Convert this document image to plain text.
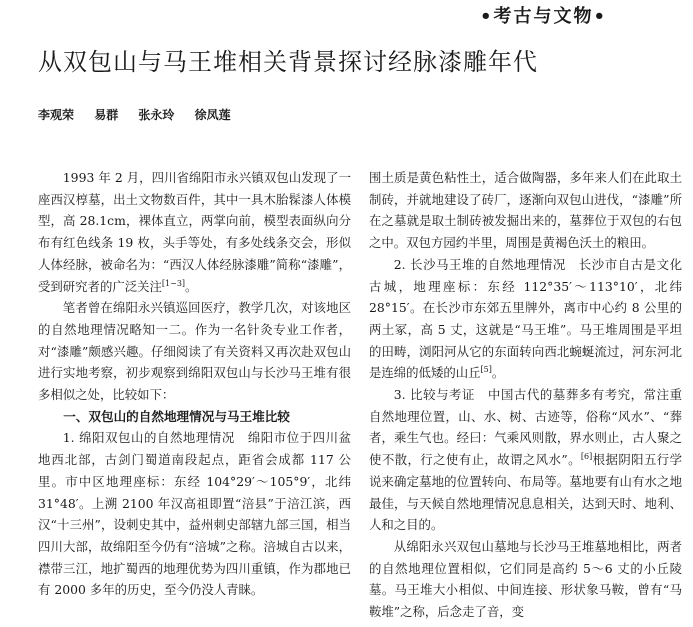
•考古与文物•
从双包山与马王堆相关背景探讨经脉漆雕年代
李观荣 易群 张永玲 徐凤莲

1993 年 2 月，四川省绵阳市永兴镇双包山发现了一座西汉椁墓，出土文物数百件，其中一具木胎髹漆人体模型，高 28.1cm，裸体直立，两掌向前，模型表面纵向分布有红色线条 19 枚，头手等处，有多处线条交会，形似人体经脉，被命名为：“西汉人体经脉漆雕”简称“漆雕”，受到研究者的广泛关注[1~3]。

笔者曾在绵阳永兴镇巡回医疗，教学几次，对该地区的自然地理情况略知一二。作为一名针灸专业工作者，对“漆雕”颇感兴趣。仔细阅读了有关资料又再次赴双包山进行实地考察，初步观察到绵阳双包山与长沙马王堆有很多相似之处，比较如下：

一、双包山的自然地理情况与马王堆比较

1. 绵阳双包山的自然地理情况　 绵阳市位于四川盆地西北部，古剑门蜀道南段起点，距省会成都 117 公里。市中区地理座标：东经 104°29′～105°9′，北纬 31°48′。上溯 2100 年汉高祖即置“涪县”于涪江滨，西汉“十三州”，设刺史其中，益州刺史部辖九部三国，相当四川大部，故绵阳至今仍有“涪城”之称。涪城自古以来，襟带三江，地扩蜀西的地理优势为四川重镇，作为郡地已有 2000 多年的历史，至今仍没人青睐。

围土质是黄色粘性土，适合做陶器，多年来人们在此取土制砖，并就地建设了砖厂，逐渐向双包山进伐，“漆雕”所在之墓就是取土制砖被发掘出来的，墓葬位于双包的右包之中。双包方园约半里，周围是黄褐色沃土的粮田。

2. 长沙马王堆的自然地理情况　长沙市自古是文化古城，地理座标：东经 112°35′～113°10′，北纬 28°15′。在长沙市东郊五里牌外，离市中心约 8 公里的两土冢，高 5 丈，这就是“马王堆”。马王堆周围是平坦的田畴，浏阳河从它的东面转向西北蜿蜒流过，河东河北是连绵的低矮的山丘[5]。

3. 比较与考证　中国古代的墓葬多有考究，常注重自然地理位置，山、水、树、古迹等，俗称“风水”、“葬者，乘生气也。经曰：气乘风则散，界水则止，古人聚之使不散，行之使有止，故谓之风水”。[6]根据阴阳五行学说来确定墓地的位置转向、布局等。墓地要有山有水之地最佳，与天候自然地理情况息息相关，达到天时、地利、人和之目的。

从绵阳永兴双包山墓地与长沙马王堆墓地相比，两者的自然地理位置相似，它们同是高约 5～6 丈的小丘陵墓。马王堆大小相似、中间连接、形状象马鞍，曾有“马鞍堆”之称，后念走了音，变
